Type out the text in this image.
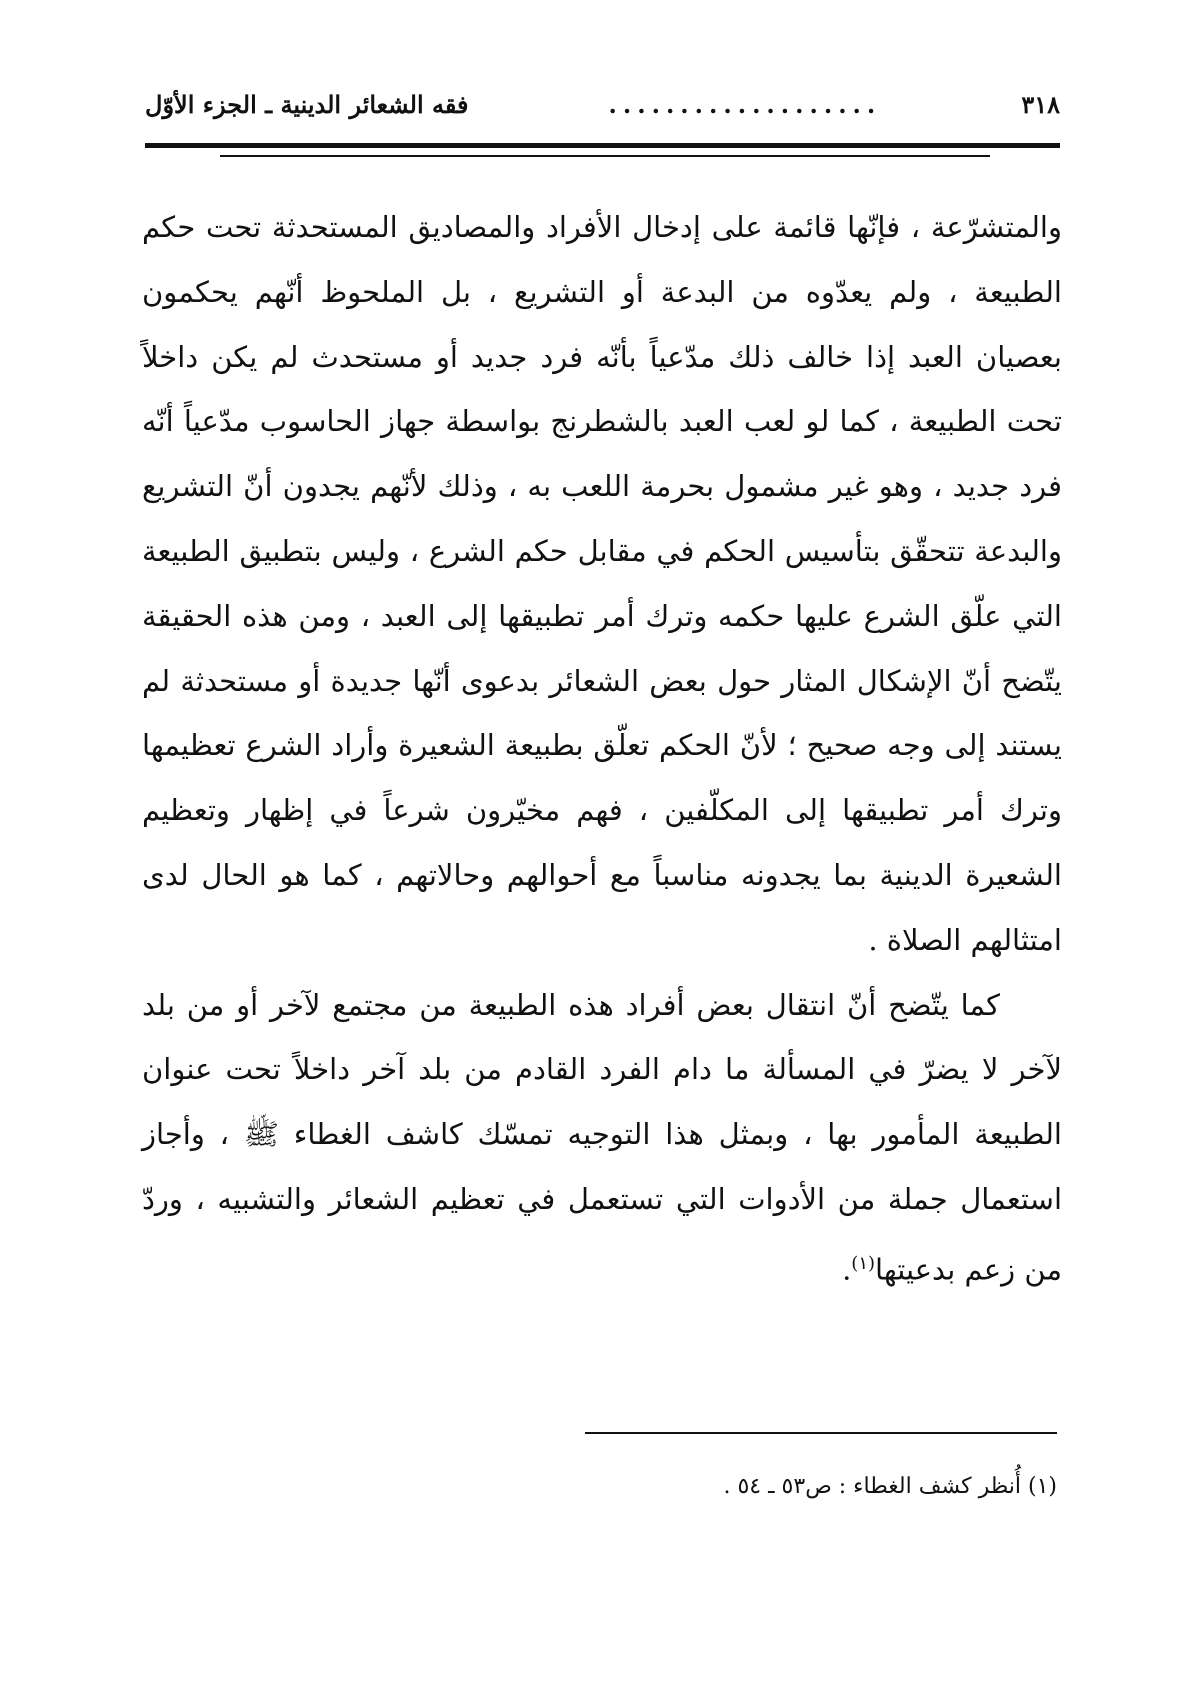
٣١٨
...................
فقه الشعائر الدينية ـ الجزء الأوّل

والمتشرّعة ، فإنّها قائمة على إدخال الأفراد والمصاديق المستحدثة تحت حكم الطبيعة ، ولم يعدّوه من البدعة أو التشريع ، بل الملحوظ أنّهم يحكمون بعصيان العبد إذا خالف ذلك مدّعياً بأنّه فرد جديد أو مستحدث لم يكن داخلاً تحت الطبيعة ، كما لو لعب العبد بالشطرنج بواسطة جهاز الحاسوب مدّعياً أنّه فرد جديد ، وهو غير مشمول بحرمة اللعب به ، وذلك لأنّهم يجدون أنّ التشريع والبدعة تتحقّق بتأسيس الحكم في مقابل حكم الشرع ، وليس بتطبيق الطبيعة التي علّق الشرع عليها حكمه وترك أمر تطبيقها إلى العبد ، ومن هذه الحقيقة يتّضح أنّ الإشكال المثار حول بعض الشعائر بدعوى أنّها جديدة أو مستحدثة لم يستند إلى وجه صحيح ؛ لأنّ الحكم تعلّق بطبيعة الشعيرة وأراد الشرع تعظيمها وترك أمر تطبيقها إلى المكلّفين ، فهم مخيّرون شرعاً في إظهار وتعظيم الشعيرة الدينية بما يجدونه مناسباً مع أحوالهم وحالاتهم ، كما هو الحال لدى امتثالهم الصلاة .

كما يتّضح أنّ انتقال بعض أفراد هذه الطبيعة من مجتمع لآخر أو من بلد لآخر لا يضرّ في المسألة ما دام الفرد القادم من بلد آخر داخلاً تحت عنوان الطبيعة المأمور بها ، وبمثل هذا التوجيه تمسّك كاشف الغطاء ﷺ ، وأجاز استعمال جملة من الأدوات التي تستعمل في تعظيم الشعائر والتشبيه ، وردّ من زعم بدعيتها$^{(١)}$.

(١) أُنظر كشف الغطاء : ص٥٣ ـ ٥٤ .
